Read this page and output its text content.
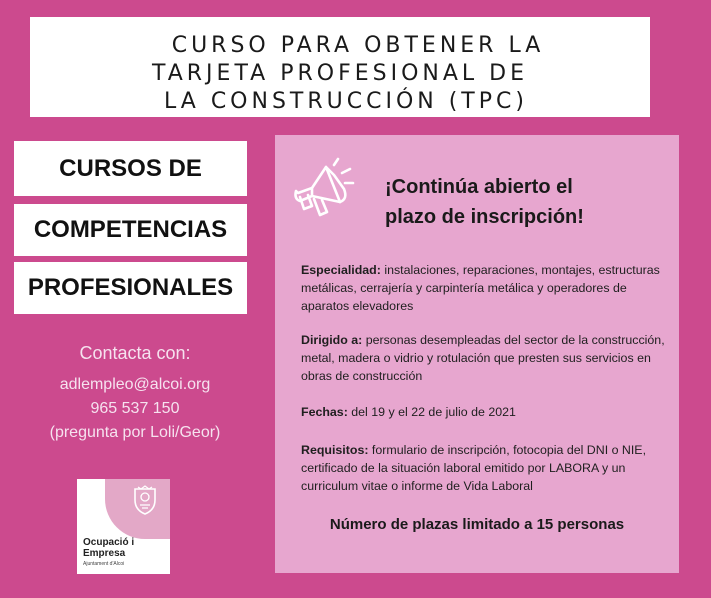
CURSO PARA OBTENER LA
TARJETA PROFESIONAL DE
LA CONSTRUCCIÓN (TPC)
CURSOS DE
COMPETENCIAS
PROFESIONALES
Contacta con:
adlempleo@alcoi.org
965 537 150
(pregunta por Loli/Geor)
Ocupació i
Empresa
Ajuntament d'Alcoi
¡Continúa abierto el
plazo de inscripción!
Especialidad: instalaciones, reparaciones, montajes, estructuras metálicas, cerrajería y carpintería metálica y operadores de aparatos elevadores
Dirigido a: personas desempleadas del sector de la construcción, metal, madera o vidrio y rotulación que presten sus servicios en obras de construcción
Fechas: del 19 y el 22 de julio de 2021
Requisitos: formulario de inscripción, fotocopia del DNI o NIE, certificado de la situación laboral emitido por LABORA y un curriculum vitae o informe de Vida Laboral
Número de plazas limitado a 15 personas
